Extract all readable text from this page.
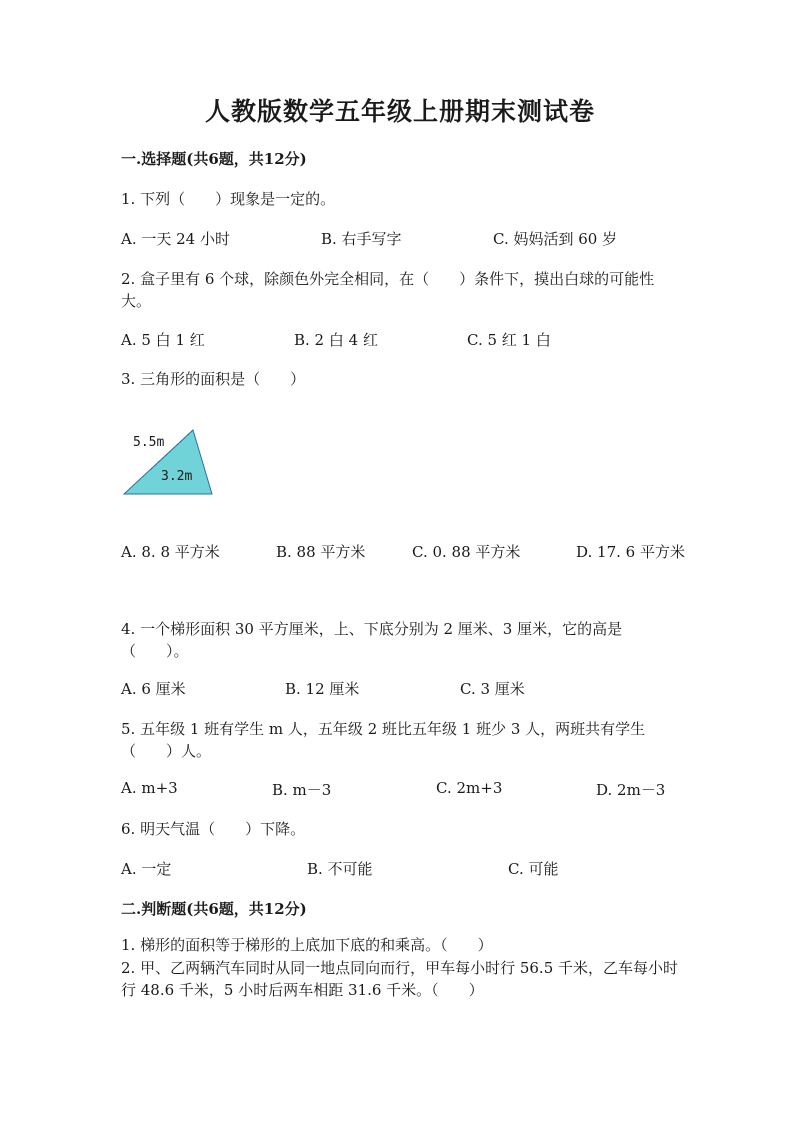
人教版数学五年级上册期末测试卷
一.选择题(共6题，共12分)
1. 下列（　　）现象是一定的。
A. 一天 24 小时	B. 右手写字	C. 妈妈活到 60 岁
2. 盒子里有 6 个球，除颜色外完全相同，在（　　）条件下，摸出白球的可能性大。
A. 5 白 1 红	B. 2 白 4 红	C. 5 红 1 白
3. 三角形的面积是（　　）
5.5m
3.2m
A. 8. 8 平方米	B. 88 平方米	C. 0. 88 平方米	D. 17. 6 平方米
4. 一个梯形面积 30 平方厘米，上、下底分别为 2 厘米、3 厘米，它的高是（　　）。
A. 6 厘米	B. 12 厘米	C. 3 厘米
5. 五年级 1 班有学生 m 人，五年级 2 班比五年级 1 班少 3 人，两班共有学生（　　）人。
A. m+3	B. m－3	C. 2m+3	D. 2m－3
6. 明天气温（　　）下降。
A. 一定	B. 不可能	C. 可能
二.判断题(共6题，共12分)
1. 梯形的面积等于梯形的上底加下底的和乘高。（　　）
2. 甲、乙两辆汽车同时从同一地点同向而行，甲车每小时行 56.5 千米，乙车每小时行 48.6 千米，5 小时后两车相距 31.6 千米。（　　）
